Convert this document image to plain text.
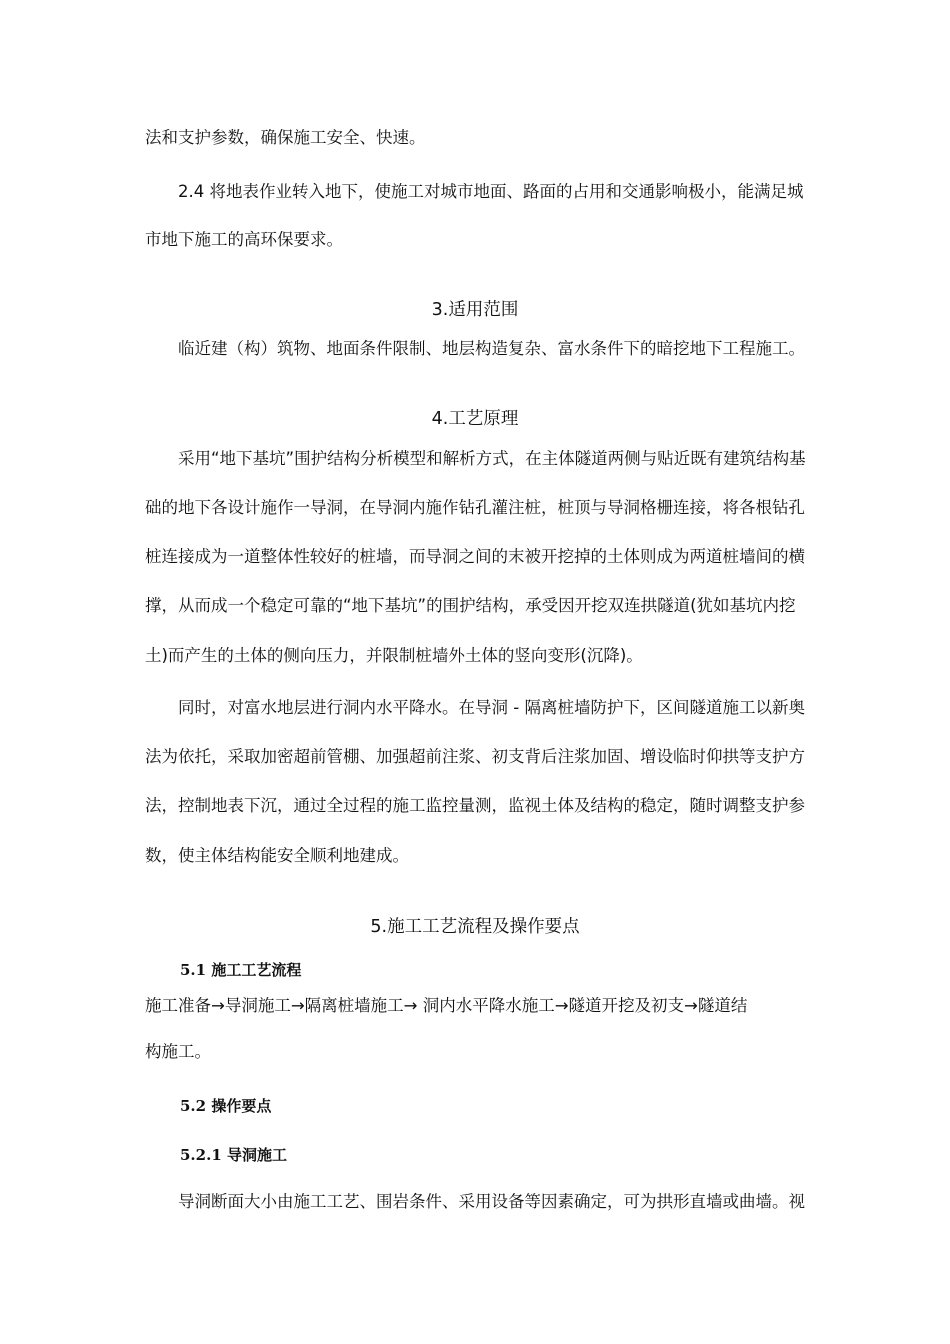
法和支护参数，确保施工安全、快速。
2.4 将地表作业转入地下，使施工对城市地面、路面的占用和交通影响极小，能满足城
市地下施工的高环保要求。
3.适用范围
临近建（构）筑物、地面条件限制、地层构造复杂、富水条件下的暗挖地下工程施工。
4.工艺原理
采用“地下基坑”围护结构分析模型和解析方式，在主体隧道两侧与贴近既有建筑结构基
础的地下各设计施作一导洞，在导洞内施作钻孔灌注桩，桩顶与导洞格栅连接，将各根钻孔
桩连接成为一道整体性较好的桩墙，而导洞之间的末被开挖掉的土体则成为两道桩墙间的横
撑，从而成一个稳定可靠的“地下基坑”的围护结构，承受因开挖双连拱隧道(犹如基坑内挖
土)而产生的土体的侧向压力，并限制桩墙外土体的竖向变形(沉降)。
同时，对富水地层进行洞内水平降水。在导洞 - 隔离桩墙防护下，区间隧道施工以新奥
法为依托，采取加密超前管棚、加强超前注浆、初支背后注浆加固、增设临时仰拱等支护方
法，控制地表下沉，通过全过程的施工监控量测，监视土体及结构的稳定，随时调整支护参
数，使主体结构能安全顺利地建成。
5.施工工艺流程及操作要点
5.1 施工工艺流程
施工准备→导洞施工→隔离桩墙施工→ 洞内水平降水施工→隧道开挖及初支→隧道结
构施工。
5.2 操作要点
5.2.1 导洞施工
导洞断面大小由施工工艺、围岩条件、采用设备等因素确定，可为拱形直墙或曲墙。视
